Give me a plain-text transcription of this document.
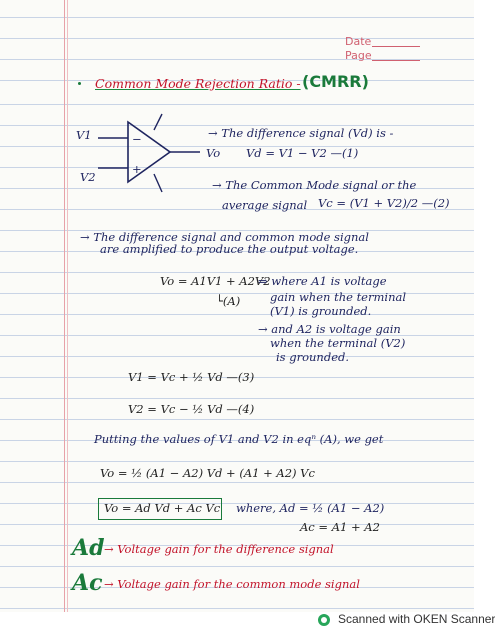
Date
Page
Common Mode Rejection Ratio - (CMRR)
V1
V2
Vo
−
+
→ The difference signal (Vd) is -
Vd = V1 − V2 —(1)
→ The Common Mode signal or the
average signal Vc = (V1 + V2)/2 —(2)
→ The difference signal and common mode signal
are amplified to produce the output voltage.
Vo = A1V1 + A2V2
└(A)
⇒ where A1 is voltage
gain when the terminal
(V1) is grounded.
→ and A2 is voltage gain
when the terminal (V2)
is grounded.
V1 = Vc + ½ Vd —(3)
V2 = Vc − ½ Vd —(4)
Putting the values of V1 and V2 in eqⁿ (A), we get
Vo = ½ (A1 − A2) Vd + (A1 + A2) Vc
Vo = Ad Vd + Ac Vc where, Ad = ½ (A1 − A2)
Ac = A1 + A2
Ad → Voltage gain for the difference signal
Ac → Voltage gain for the common mode signal
Scanned with OKEN Scanner
